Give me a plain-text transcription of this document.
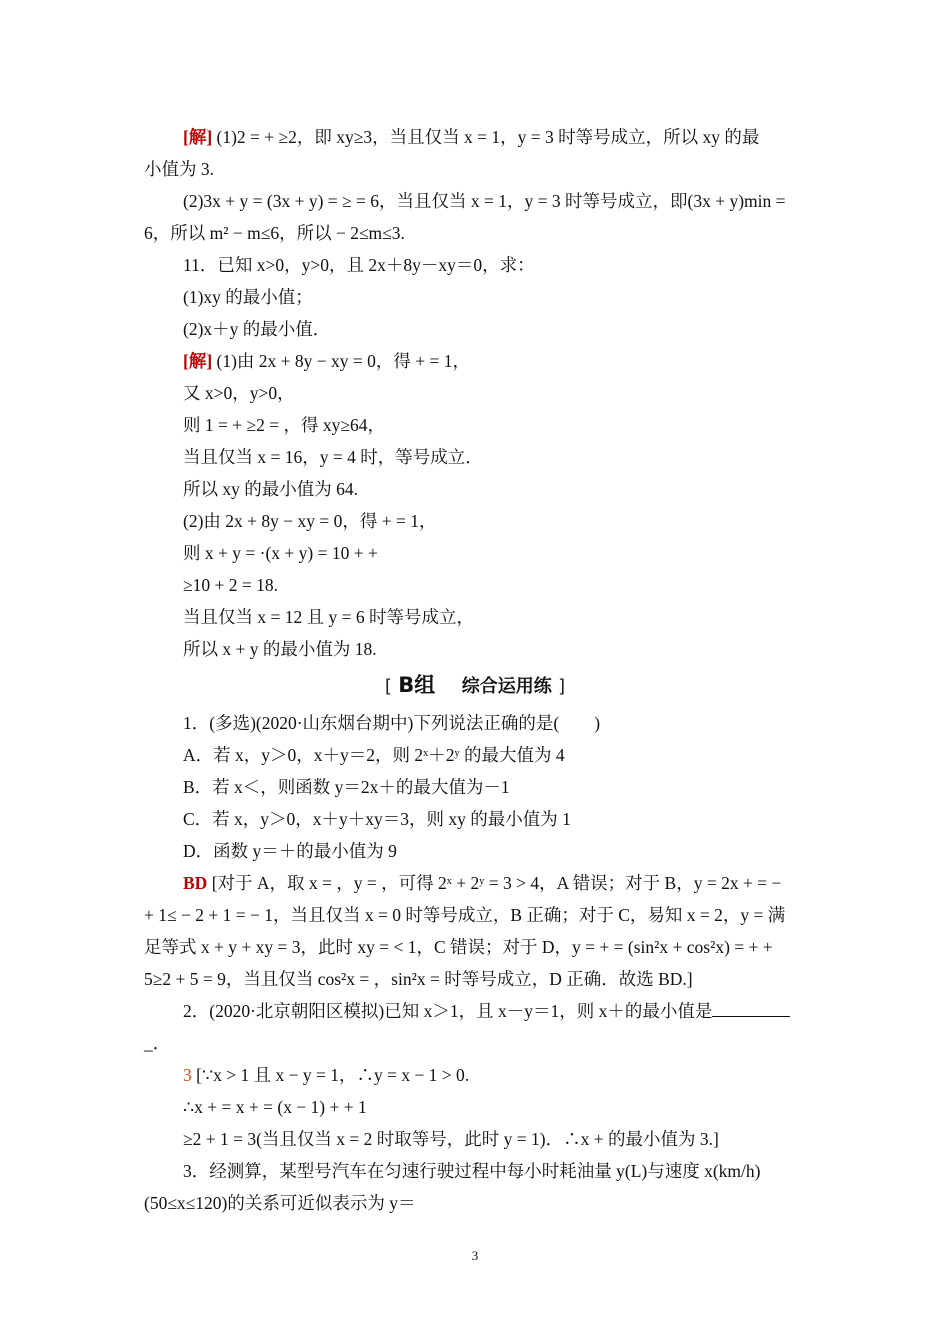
[解] (1)2 = + ≥2，即 xy≥3，当且仅当 x = 1，y = 3 时等号成立，所以 xy 的最
小值为 3.
(2)3x + y = (3x + y) = ≥ = 6，当且仅当 x = 1，y = 3 时等号成立，即(3x + y)min =
6，所以 m² − m≤6，所以 − 2≤m≤3.
11．已知 x>0，y>0，且 2x＋8y－xy＝0，求：
(1)xy 的最小值；
(2)x＋y 的最小值．
[解] (1)由 2x + 8y − xy = 0，得 + = 1，
又 x>0，y>0，
则 1 = + ≥2 = ，得 xy≥64，
当且仅当 x = 16，y = 4 时，等号成立．
所以 xy 的最小值为 64.
(2)由 2x + 8y − xy = 0，得 + = 1，
则 x + y = ·(x + y) = 10 + +
≥10 + 2 = 18.
当且仅当 x = 12 且 y = 6 时等号成立，
所以 x + y 的最小值为 18.
[ B组 综合运用练 ]
1．(多选)(2020·山东烟台期中)下列说法正确的是(　　)
A．若 x，y＞0，x＋y＝2，则 2ˣ＋2ʸ 的最大值为 4
B．若 x＜，则函数 y＝2x＋的最大值为－1
C．若 x，y＞0，x＋y＋xy＝3，则 xy 的最小值为 1
D．函数 y＝＋的最小值为 9
BD [对于 A，取 x = ，y = ，可得 2ˣ + 2ʸ = 3 > 4，A 错误；对于 B，y = 2x + = −
+ 1≤ − 2 + 1 = − 1，当且仅当 x = 0 时等号成立，B 正确；对于 C，易知 x = 2，y = 满
足等式 x + y + xy = 3，此时 xy = < 1，C 错误；对于 D，y = + = (sin²x + cos²x) = + +
5≥2 + 5 = 9，当且仅当 cos²x = ，sin²x = 时等号成立，D 正确．故选 BD.]
2．(2020·北京朝阳区模拟)已知 x＞1，且 x－y＝1，则 x＋的最小值是
_．
3 [∵x > 1 且 x − y = 1，∴y = x − 1 > 0.
∴x + = x + = (x − 1) + + 1
≥2 + 1 = 3(当且仅当 x = 2 时取等号，此时 y = 1)．∴x + 的最小值为 3.]
3．经测算，某型号汽车在匀速行驶过程中每小时耗油量 y(L)与速度 x(km/h)
(50≤x≤120)的关系可近似表示为 y＝
3
